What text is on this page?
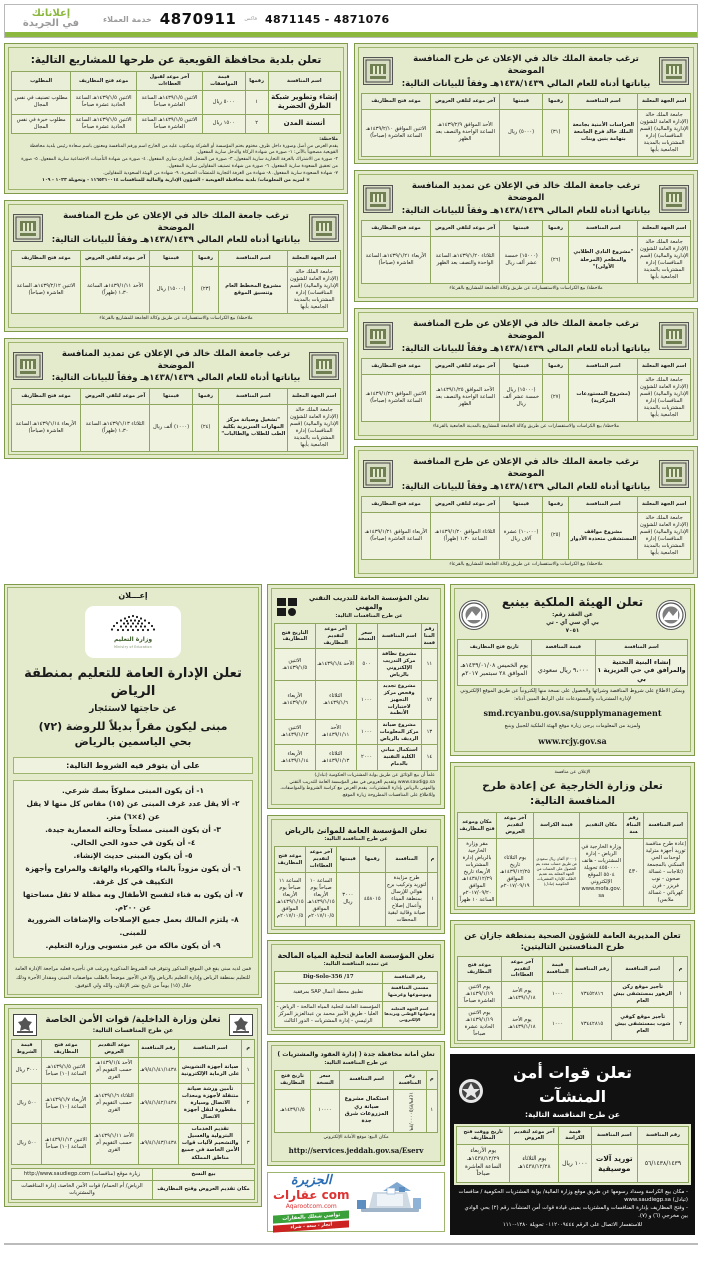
إعلاناتك
في الجريدة	خدمة العملاء 4870911 فاكس 4871145 - 4871076
تعلن بلدية محافظة القويعية عن طرحها للمشاريع التالية:
اسم المنافسة	رقمها	قيمة المواصفات	آخر موعد لقبول العطاءات	موعد فتح المظاريف	المطلوب
إنشاء وتطوير شبكة الطرق الحضرية	١	٥٠٠٠ ريال	الاثنين ١٤٣٩/١/٥هـ الساعة العاشرة صباحاً	الاثنين ١٤٣٩/١/٥هـ الساعة الحادية عشرة صباحاً	مطلوب تصنيف في نفس المجال
أنسنة المدن	٢	١٥٠٠ ريال	الاثنين ١٤٣٩/١/٥هـ الساعة العاشرة صباحاً	الاثنين ١٤٣٩/١/٥هـ الساعة الحادية عشرة صباحاً	مطلوب خبرة في نفس المجال
ملاحظة:
يقدم العرض من أصل وصورة داخل ظرف مختوم بختم المؤسسة أو الشركة ومكتوب عليه من الخارج اسم ورقم المنافسة ومعنون باسم سعادة رئيس بلدية محافظة القويعية مصحوباً بالآتي: ١- صورة من شهادة الزكاة والدخل سارية المفعول.
٢- صورة من الاشتراك بالغرفة التجارية سارية المفعول. ٣- صورة من السجل التجاري ساري المفعول. ٤- صورة من شهادة التأمينات الاجتماعية سارية المفعول. ٥- صورة من تحقيق السعودة سارية المفعول. ٦- صورة من شهادة تصنيف المقاولين سارية المفعول.
٧- شهادة السعودة سارية المفعول. ٨- شهادة من الغرفة التجارية للمنشآت الصغيرة. ٩- شهادة من الهيئة السعودية للمقاولين.
× لمزيد من المعلومات/ بلدية محافظة القويعية - الشؤون الإدارية والمالية للمنافسات ١١٦٥٢١٠٠١٤ - وتحويلة ١٠٢٣ - ١٠٩
ترغب جامعة الملك خالد في الإعلان عن طرح المنافسة الموضحة
بياناتها أدناه للعام المالي ١٤٣٨/١٤٣٩هـ وفقاً للبيانات التالية:
اسم الجهة المعلنة	اسم المنافسة	رقمها	قيمتها	آخر موعد لتلقي العروض	موعد فتح المظاريف
جامعة الملك خالد (الإدارة العامة للشؤون الإدارية والمالية) (قسم المنافسات) إدارة المشتريات بالمدينة الجامعية بأبها	مشروع المخطط العام وتنسيق الموقع	(٢٣)	(١٥٠٠٠) ريال	الأحد ١٤٣٩/١/١١هـ الساعة ١،٣٠ (ظهراً)	الاثنين ١٤٣٩/٢/١٢هـ الساعة العاشرة (صباحاً)
ملاحظة/ بيع الكراسات والاستفسارات عن طريق وكالة الجامعة للمشاريع بالقرعاء
ترغب جامعة الملك خالد في الإعلان عن تمديد المنافسة الموضحة
بياناتها أدناه للعام المالي ١٤٣٨/١٤٣٩هـ وفقاً للبيانات التالية:
اسم الجهة المعلنة	اسم المنافسة	رقمها	قيمتها	آخر موعد لتلقي العروض	موعد فتح المظاريف
جامعة الملك خالد (الإدارة العامة للشؤون الإدارية والمالية) (قسم المنافسات) إدارة المشتريات بالمدينة الجامعية بأبها	"تشغيل وصيانة مركز المهارات السريرية بكلية الطب للطلاب والطالبات"	(٢٤)	(١٠٠٠) ألف ريال	الثلاثاء ١٤٣٩/١/١٣هـ الساعة ١،٣٠ (ظهراً)	الأربعاء ١٤٣٩/١/١٤هـ الساعة العاشرة (صباحاً)
ترغب جامعة الملك خالد في الإعلان عن طرح المنافسة الموضحة
بياناتها أدناه للعام المالي ١٤٣٨/١٤٣٩هـ وفقاً للبيانات التالية:
اسم الجهة المعلنة	اسم المنافسة	رقمها	قيمتها	آخر موعد لتلقي العروض	موعد فتح المظاريف
جامعة الملك خالد (الإدارة العامة للشؤون الإدارية والمالية) (قسم المنافسات) إدارة المشتريات بالمدينة الجامعية بأبها	الحراسات الأمنية بجامعة الملك خالد فرع الجامعة بتهامة بنين وبنات	(٣١)	(٥٠٠٠) ريال	الأحد الموافق ١٤٣٩/٢/٩هـ الساعة الواحدة والنصف بعد الظهر	الاثنين الموافق ١٤٣٩/٢/١٠هـ الساعة العاشرة (صباحاً)
ترغب جامعة الملك خالد في الإعلان عن تمديد المنافسة الموضحة
بياناتها أدناه للعام المالي ١٤٣٨/١٤٣٩هـ وفقاً للبيانات التالية:
اسم الجهة المعلنة	اسم المنافسة	رقمها	قيمتها	آخر موعد لتلقي العروض	موعد فتح المظاريف
جامعة الملك خالد (الإدارة العامة للشؤون الإدارية والمالية) (قسم المنافسات) إدارة المشتريات بالمدينة الجامعية بأبها	"مشروع النادي الطلابي والمطعم (المرحلة الأولى)"	(٢٦)	(١٥٠٠٠) خمسة عشر ألف ريال	الثلاثاء ١٤٣٩/١/٢٠هـ الساعة الواحدة والنصف بعد الظهر	الأربعاء ١٤٣٩/١/٢١هـ الساعة العاشرة (صباحاً)
ملاحظة/ بيع الكراسات والاستفسارات عن طريق وكالة الجامعة للمشاريع بالقرعاء
ترغب جامعة الملك خالد في الإعلان عن طرح المنافسة الموضحة
بياناتها أدناه للعام المالي ١٤٣٨/١٤٣٩هـ وفقاً للبيانات التالية:
اسم الجهة المعلنة	اسم المنافسة	رقمها	قيمتها	آخر موعد لتلقي العروض	موعد فتح المظاريف
جامعة الملك خالد (الإدارة العامة للشؤون الإدارية والمالية) (قسم المنافسات) إدارة المشتريات بالمدينة الجامعية بأبها	(مشروع المستودعات المركزية)	(٢٧)	(١٥٠٠٠) ريال خمسة عشر ألف ريال	الأحد الموافق ١٤٣٩/١/٢٥هـ الساعة الواحدة والنصف بعد الظهر	الاثنين الموافق ١٤٣٩/١/٢٦هـ الساعة العاشرة (صباحاً)
ملاحظة/ بيع الكراسات والاستفسارات عن طريق وكالة الجامعة للمشاريع بالمدينة الجامعية بالقرعاء
ترغب جامعة الملك خالد في الإعلان عن طرح المنافسة الموضحة
بياناتها أدناه للعام المالي ١٤٣٨/١٤٣٩هـ وفقاً للبيانات التالية:
اسم الجهة المعلنة	اسم المنافسة	رقمها	قيمتها	آخر موعد لتلقي العروض	موعد فتح المظاريف
جامعة الملك خالد (الإدارة العامة للشؤون الإدارية والمالية) (قسم المنافسات) إدارة المشتريات بالمدينة الجامعية بأبها	مشروع مواقف المستشفى متعددة الأدوار	(٢٥)	(١٠،٠٠٠) عشرة آلاف ريال	الثلاثاء الموافق ١٤٣٩/١/٢٠هـ الساعة ١،٣٠ (ظهراً)	الأربعاء الموافق ١٤٣٩/١/٢١هـ الساعة العاشرة (صباحاً)
ملاحظة/ بيع الكراسات والاستفسارات عن طريق وكالة الجامعة للمشاريع بالقرعاء
إعـــلان
وزارة التعليم
Ministry of Education
تعلن الإدارة العامة للتعليم بمنطقة الرياض
عن حاجتها لاستئجار
مبنى ليكون مقراً بديلاً للروضة (٧٢)
بحي الياسمين بالرياض
على أن يتوفر فيه الشروط التالية:
١- أن يكون المبنى مملوكاً بصك شرعي.
٢- ألا يقل عدد غرف المبنى عن (١٥) مقاس كل منها لا يقل عن (٤×٦) متر.
٣- أن يكون المبنى مسلحاً وحالته المعمارية جيدة.
٤- أن يكون في حدود الحي الحالي.
٥- أن يكون المبنى حديث الإنشاء.
٦- أن يكون مزوداً بالماء والكهرباء والهاتف والمراوح وأجهزة التكييف في كل غرفة.
٧- أن يكون به فناء لتفسح الأطفال وبه مظلة لا تقل مساحتها عن ٢٠٠م.
٨- يلتزم المالك بعمل جميع الإصلاحات والإضافات الضرورية للمبنى.
٩- أن يكون مالكه من غير منسوبي وزارة التعليم.
فمن لديه مبنى يقع في الموقع المذكور وتتوفر فيه الشروط المذكورة ويرغب في تأجيره فعليه مراجعة الإدارة العامة للتعليم بمنطقة الرياض وإدارة التعليم بالرياض وإلا في الأجور موضحاً بالطلب مواصفات المبنى ومقدار الأجرة وذلك خلال (١٥) يوماً من تاريخ نشر الإعلان، والله ولي التوفيق.
تعلن وزارة الداخلية/ قوات الأمن الخاصة
عن طرح المنافسات التالية:
م	اسم المنافسة	رقم المنافسة	موعد التقديم العروض	موعد فتح المظاريف	قيمة الشروط
١	صيانة أجهزة التشويش على الرماية الإلكترونية	٩/٤/١/٤١/١٤٣٨هـ	الأحد ١٤٣٩/١/٤هـ حسب التقويم أم القرى	الاثنين ١٤٣٩/١/٥هـ الساعة (١٠) صباحاً	٣٠٠٠ ريال
٢	تأمين ورشة صيانة متنقلة لأجهزة ومعدات الاتصال وسيارة مقطورة لنقل أجهزة الاتصال	٩/٤/١/٤٢/١٤٣٨هـ	الثلاثاء ١٤٣٩/١/٦هـ حسب التقويم أم القرى	الأربعاء ١٤٣٩/١/٧هـ الساعة (١٠) صباحاً	٥٠٠ ريال
٣	تقديم الخدمات البترولية والغسيل والتشحيم لآليات قوات الأمن الخاصة في جميع مناطق المملكة	٩/٤/١/٤٣/١٤٣٨هـ	الأحد ١٤٣٩/١/١١هـ حسب التقويم أم القرى	الاثنين ١٤٣٩/١/١٢هـ الساعة (١٠) صباحاً	٥٠٠ ريال
بيع النسخ	زيارة موقع (منافسات) http://www.saudiegp.com
مكان تقديم العروض وفتح المظاريف	الرياض/ أم الحمام/ قوات الأمن الخاصة، إدارة المناقصات والمشتريات
تعلن المؤسسة العامة للتدريب التقني والمهني
عن طرح المنافسات التالية:
رقم المنافسة	اسم المنافسة	سعر النسخة	آخر موعد لتقديم المظاريف	التاريخ فتح المظاريف
١١	مشروع نظافة مركز التدريب الإلكتروني بالرياض	٥٠٠	الأحد ١٤٣٩/١/٤هـ	الاثنين ١٤٣٩/١/٥هـ
١٢	مشروع تجديد وفحص مركز التجهيز لاختبارات الأنظمة	١٠٠٠	الثلاثاء ١٤٣٩/١/٦هـ	الأربعاء ١٤٣٩/١/٧هـ
١٣	مشروع صيانة مركز المعلومات الرديف بالرياض	١٠٠٠	الأحد ١٤٣٩/١/١١هـ	الاثنين ١٤٣٩/١/١٢هـ
١٤	استكمال مباني الكلية التقنية بالدمام	٢٠٠٠	الثلاثاء ١٤٣٩/١/١٣هـ	الأربعاء ١٤٣٩/١/١٤هـ
علماً أن بيع الوثائق عن طريق بوابة المشتريات الحكومية (تبادل) www.saudigp.sa وتقديم العروض في مقر المؤسسة العامة للتدريب التقني والمهني بالرياض بإدارة المشتريات. يقدم العرض مع كراسة الشروط والمواصفات، وللاطلاع على المنافسات المطروحة زيارة الموقع.
تعلن المؤسسة العامة للموانئ بالرياض
عن طرح المنافسة التالية:
م	المنافسة	رقمها	قيمتها	آخر موعد لتقديم العطاءات	موعد فتح المظاريف
١	طرح مزايدة لتوريد وتركيب برج هوائي للإرسال بمنطقة الميناء وأعمال إصلاح صيانة وقائية لبقية المحطات	٤٥٨٠١٥	٣٠٠٠ ريال	الساعة ١٠ صباحاً يوم الأربعاء ١٤٣٩/١/١٥هـ الموافق ٢٠١٧/١٠/٥م	الساعة ١١ صباحاً يوم الأربعاء ١٤٣٩/١/١٥هـ الموافق ٢٠١٧/١٠/٥م
تعلن المؤسسة العامة لتحلية المياه المالحة
عن تمديد المنافسة التالية:
رقم المنافسة	Dig-Solo-356 /17
مسمى المنافسة وموضوعها وغرضها	تطبيق محطة أعمال SAP بمرفقية
اسم الجهة المعلنة وعنوانها الوطني وبريدها الإلكتروني	المؤسسة العامة لتحلية المياه المالحة - الرياض - العليا - طريق الأمير محمد بن عبدالعزيز المركز الرئيسي - إدارة المشتريات - الدور الثالث
تعلن أمانة محافظة جدة ( إدارة العقود والمشتريات )
عن طرح المنافسة التالية:
م	رقم المنافسة	اسم المنافسة	سعر النسخة	تاريخ فتح المظاريف
١	١٤٣٩/٣/٥٠٠٠٠/٣٩	استكمال مشروع صيانة ري المزروعات شرق جدة	١٠٠٠٠	١٤٣٩/١/٥هـ
مكان البيع: موقع الأمانة الإلكتروني
http://services.jeddah.gov.sa/Eserv
الجزيرة
عقارات com
Aqarootcom.com
تواصي شغلك بالعقارات
أنجاز - سعة - شراء
تعلن الهيئة الملكية بينبع
عن العقد رقم:
بي آي سي آي - تي
٧٠٥١
اسم المنافسة	قيمة المناقصة	تاريخ فتح المظاريف
إنشاء البنية التحتية والمرافق في حي العزيزية ١ بي	٩،٠٠٠ ريال سعودي	يوم الخميس ١٤٣٩/٠١/٠٨هـ الموافق ٢٨ سبتمبر ٢٠١٧م
ويمكن الاطلاع على شروط المناقصة وشرائها والحصول على نسخة منها إلكترونياً عن طريق الموقع الإلكتروني لإدارة المشتريات والمستودعات على الرابط المبين أدناه:
smd.rcyanbu.gov.sa/supplymanagement
ولمزيد من المعلومات يرجى زيارة موقع الهيئة الملكية للجبيل وينبع
www.rcjy.gov.sa
الإعلان عن منافسة
تعلن وزارة الخارجية عن إعادة طرح المنافسة التالية:
اسم المنافسة	رقم المنافسة	مكان التقديم	قيمة الكراسة	آخر موعد لتقديم العروض	مكان وموعد فتح المظاريف
إعادة طرح منافسة توريد أجهزة مترلية لوحدات الحي السكني بالمجمعة (ثلاجات - غسالة صحون - نوب فريزر - فرن كهربائي - غسالة ملابس)	٤٣٠	وزارة الخارجية في الرياض - إدارة المشتريات - هاتف ٤٥٥٠٠٠٠ تحويلة ٥٥٠٤ الموقع الإلكتروني www.mofa.gov.sa	(٢٠٠٠) ألفان ريال سعودي عن طريق حساب محدد يتم الحصول على الحساب من الجهة المعلنة بعد تقديم الطلب للإدارة المشتريات الحكومية (تبادل)	يوم الثلاثاء تاريخ ١٤٣٩/١٢/٢٥هـ الموافق ٢٠١٧/٠٩/١٩م	مقر وزارة الخارجية بالرياض إدارة المشتريات الأربعاء تاريخ ١٤٣٨/١٢/٢٩هـ الموافق ٢٠١٧/٠٩/٢٠م الساعة ١٠ ظهراً
تعلن المديرية العامة للشؤون الصحية بمنطقة جازان عن طرح المنافستين التاليتين:
م	اسم المنافسة	رقم المنافسة	قيمة المنافسة	آخر موعد لتقديم العطاءات	موعد فتح المظاريف
١	تأجير موقع ركن الزهور بمستشفى بيش العام	٧٣٤٥٢٨١٦	١٠٠٠	يوم الأحد ١٤٣٩/١/١٨هـ	يوم الاثنين ١٤٣٩/١/١٩هـ العاشرة صباحاً
٢	تأجير موقع كوفي شوب بمستشفى بيش العام	٧٣٤٤٢٨١٥	١٠٠٠	يوم الأحد ١٤٣٩/١/١٨هـ	يوم الاثنين ١٤٣٩/١/١٩هـ الحادية عشرة صباحاً
تعلن قوات أمن المنشآت
عن طرح المنافسة التالية:
رقم المنافسة	اسم المنافسة	قيمة الكراسة	آخر موعد لتقديم العروض	تاريخ ووقت فتح المظاريف
٥٦/١٤٣٨/١٤٣٩	توريد آلات موسيقية	١٠٠٠ ريال	يوم الثلاثاء ١٤٣٨/١٢/٢٨هـ	يوم الأربعاء ١٤٣٨/١٢/٢٩هـ الساعة العاشرة صباحاً
- مكان بيع الكراسة وسداد رسومها عن طريق موقع وزارة المالية/ بوابة المشتريات الحكومية / منافسات (تبادل) www.saudiegp.sa
- وفتح المظاريف بإدارة المنافسات والمشتريات بمبنى قيادة قوات أمن المنشآت رقم (٢) بحي الوادي بين مخرجي (٦) و (٧).
للاستفسار الاتصال على الرقم ٠١١٢٠٠٩٤٤٤ تحويلة ١٢٨٠-١١١٠
